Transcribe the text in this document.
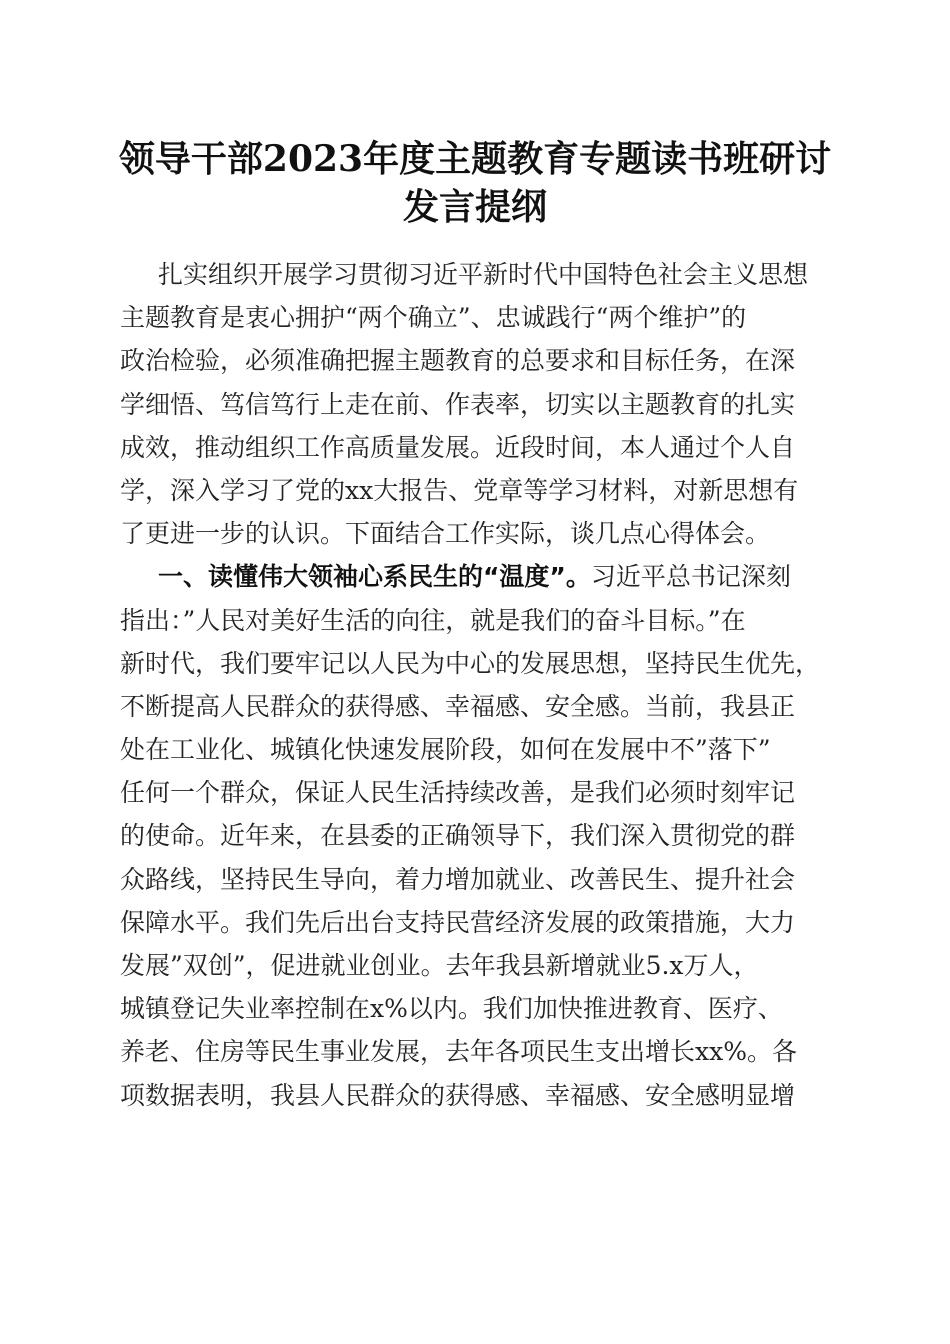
领导干部2023年度主题教育专题读书班研讨
发言提纲
扎实组织开展学习贯彻习近平新时代中国特色社会主义思想
主题教育是衷心拥护“两个确立”、忠诚践行“两个维护”的
政治检验，必须准确把握主题教育的总要求和目标任务，在深
学细悟、笃信笃行上走在前、作表率，切实以主题教育的扎实
成效，推动组织工作高质量发展。近段时间，本人通过个人自
学，深入学习了党的xx大报告、党章等学习材料，对新思想有
了更进一步的认识。下面结合工作实际，谈几点心得体会。
一、读懂伟大领袖心系民生的“温度”。习近平总书记深刻
指出：”人民对美好生活的向往，就是我们的奋斗目标。”在
新时代，我们要牢记以人民为中心的发展思想，坚持民生优先，
不断提高人民群众的获得感、幸福感、安全感。当前，我县正
处在工业化、城镇化快速发展阶段，如何在发展中不”落下”
任何一个群众，保证人民生活持续改善，是我们必须时刻牢记
的使命。近年来，在县委的正确领导下，我们深入贯彻党的群
众路线，坚持民生导向，着力增加就业、改善民生、提升社会
保障水平。我们先后出台支持民营经济发展的政策措施，大力
发展”双创”，促进就业创业。去年我县新增就业5.x万人，
城镇登记失业率控制在x%以内。我们加快推进教育、医疗、
养老、住房等民生事业发展，去年各项民生支出增长xx%。各
项数据表明，我县人民群众的获得感、幸福感、安全感明显增
